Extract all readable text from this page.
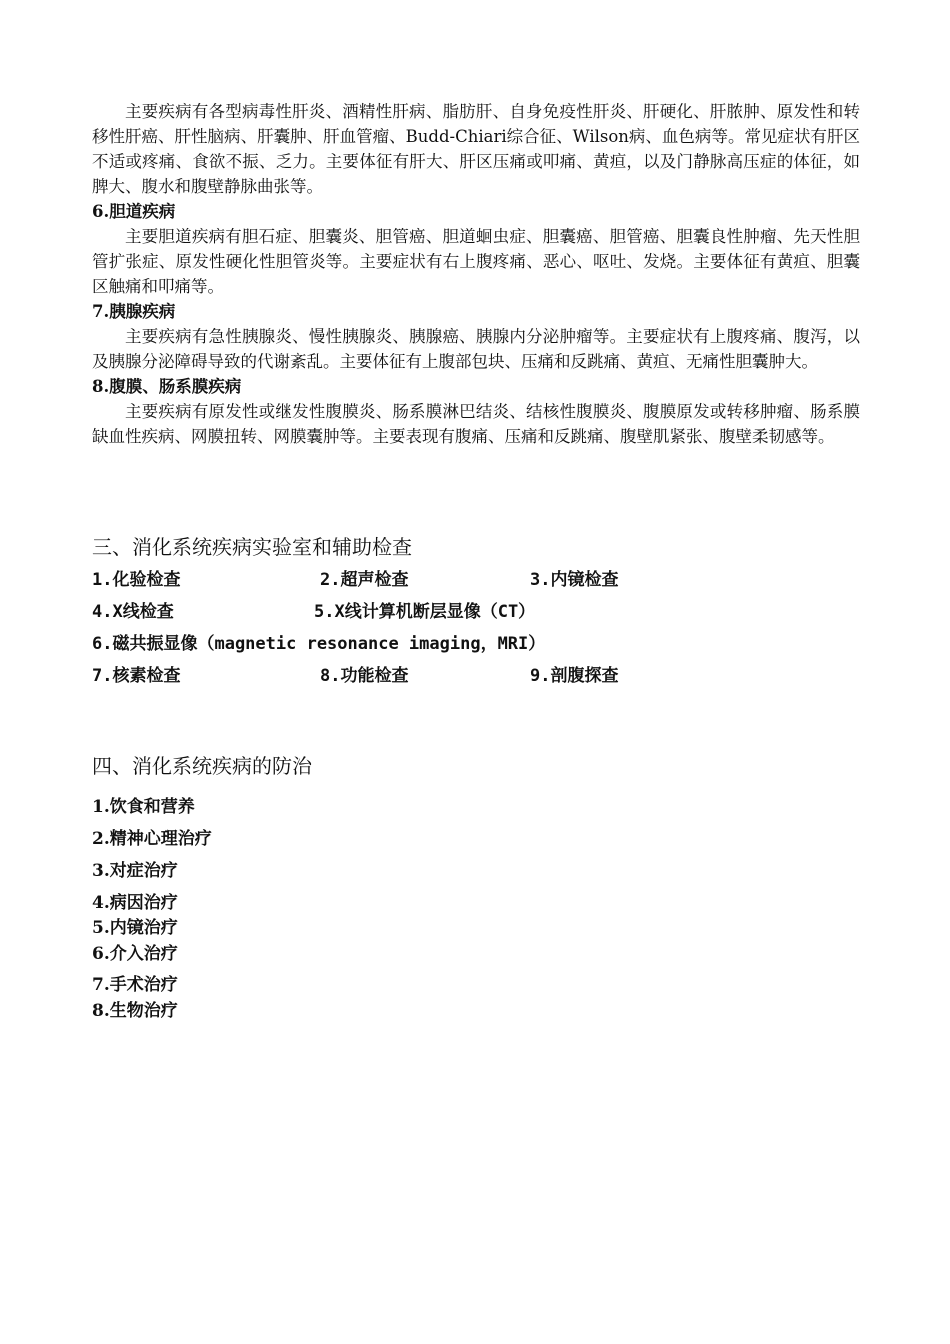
主要疾病有各型病毒性肝炎、酒精性肝病、脂肪肝、自身免疫性肝炎、肝硬化、肝脓肿、原发性和转移性肝癌、肝性脑病、肝囊肿、肝血管瘤、Budd-Chiari综合征、Wilson病、血色病等。常见症状有肝区不适或疼痛、食欲不振、乏力。主要体征有肝大、肝区压痛或叩痛、黄疸，以及门静脉高压症的体征，如脾大、腹水和腹壁静脉曲张等。

6.胆道疾病

主要胆道疾病有胆石症、胆囊炎、胆管癌、胆道蛔虫症、胆囊癌、胆管癌、胆囊良性肿瘤、先天性胆管扩张症、原发性硬化性胆管炎等。主要症状有右上腹疼痛、恶心、呕吐、发烧。主要体征有黄疸、胆囊区触痛和叩痛等。

7.胰腺疾病

主要疾病有急性胰腺炎、慢性胰腺炎、胰腺癌、胰腺内分泌肿瘤等。主要症状有上腹疼痛、腹泻，以及胰腺分泌障碍导致的代谢紊乱。主要体征有上腹部包块、压痛和反跳痛、黄疸、无痛性胆囊肿大。

8.腹膜、肠系膜疾病

主要疾病有原发性或继发性腹膜炎、肠系膜淋巴结炎、结核性腹膜炎、腹膜原发或转移肿瘤、肠系膜缺血性疾病、网膜扭转、网膜囊肿等。主要表现有腹痛、压痛和反跳痛、腹壁肌紧张、腹壁柔韧感等。

三、消化系统疾病实验室和辅助检查
1.化验检查	2.超声检查	3.内镜检查
4.X线检查	5.X线计算机断层显像（CT）
6.磁共振显像（magnetic resonance imaging，MRI）
7.核素检查	8.功能检查	9.剖腹探查
四、消化系统疾病的防治
1.饮食和营养
2.精神心理治疗
3.对症治疗
4.病因治疗
5.内镜治疗
6.介入治疗
7.手术治疗
8.生物治疗
